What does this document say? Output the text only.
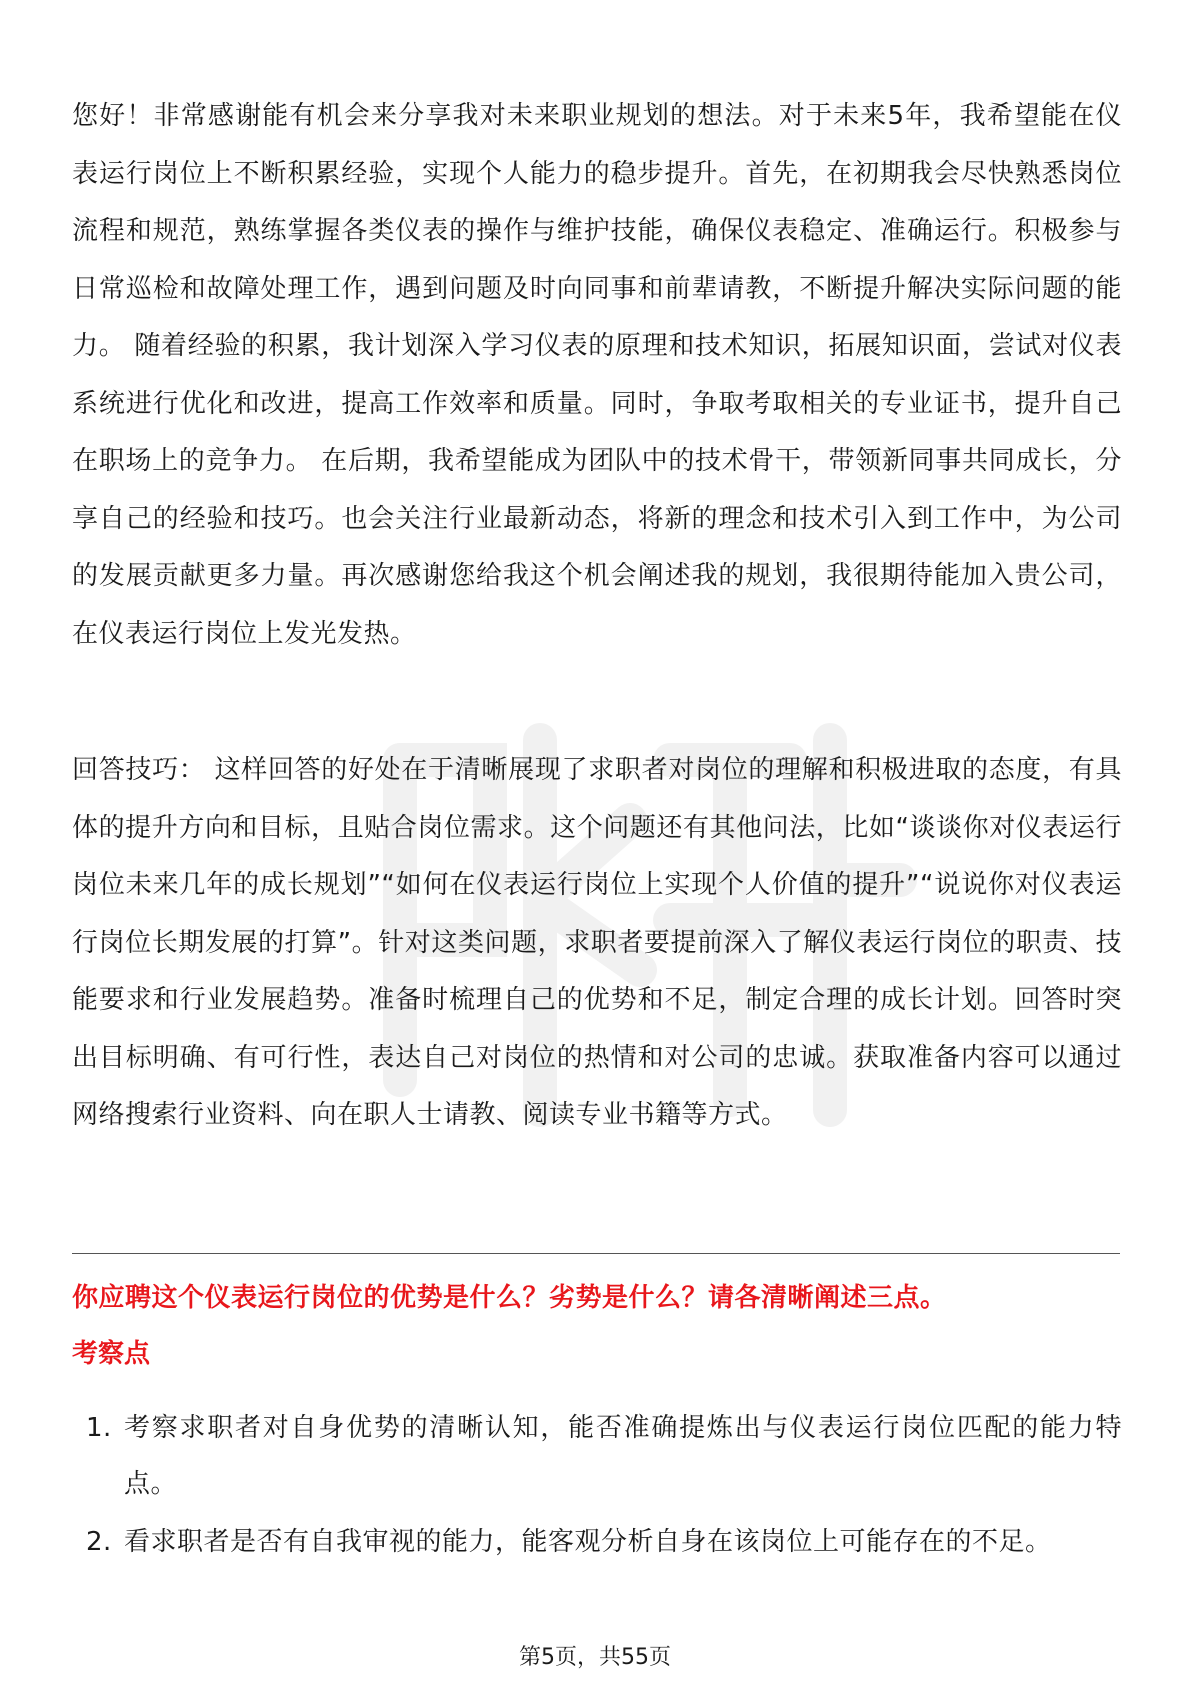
您好！非常感谢能有机会来分享我对未来职业规划的想法。对于未来5年，我希望能在仪表运行岗位上不断积累经验，实现个人能力的稳步提升。首先，在初期我会尽快熟悉岗位流程和规范，熟练掌握各类仪表的操作与维护技能，确保仪表稳定、准确运行。积极参与日常巡检和故障处理工作，遇到问题及时向同事和前辈请教，不断提升解决实际问题的能力。 随着经验的积累，我计划深入学习仪表的原理和技术知识，拓展知识面，尝试对仪表系统进行优化和改进，提高工作效率和质量。同时，争取考取相关的专业证书，提升自己在职场上的竞争力。 在后期，我希望能成为团队中的技术骨干，带领新同事共同成长，分享自己的经验和技巧。也会关注行业最新动态，将新的理念和技术引入到工作中，为公司的发展贡献更多力量。再次感谢您给我这个机会阐述我的规划，我很期待能加入贵公司，在仪表运行岗位上发光发热。

回答技巧： 这样回答的好处在于清晰展现了求职者对岗位的理解和积极进取的态度，有具体的提升方向和目标，且贴合岗位需求。这个问题还有其他问法，比如“谈谈你对仪表运行岗位未来几年的成长规划”“如何在仪表运行岗位上实现个人价值的提升”“说说你对仪表运行岗位长期发展的打算”。针对这类问题，求职者要提前深入了解仪表运行岗位的职责、技能要求和行业发展趋势。准备时梳理自己的优势和不足，制定合理的成长计划。回答时突出目标明确、有可行性，表达自己对岗位的热情和对公司的忠诚。获取准备内容可以通过网络搜索行业资料、向在职人士请教、阅读专业书籍等方式。

你应聘这个仪表运行岗位的优势是什么？劣势是什么？请各清晰阐述三点。

考察点

1. 考察求职者对自身优势的清晰认知，能否准确提炼出与仪表运行岗位匹配的能力特点。
2. 看求职者是否有自我审视的能力，能客观分析自身在该岗位上可能存在的不足。
第5页，共55页
